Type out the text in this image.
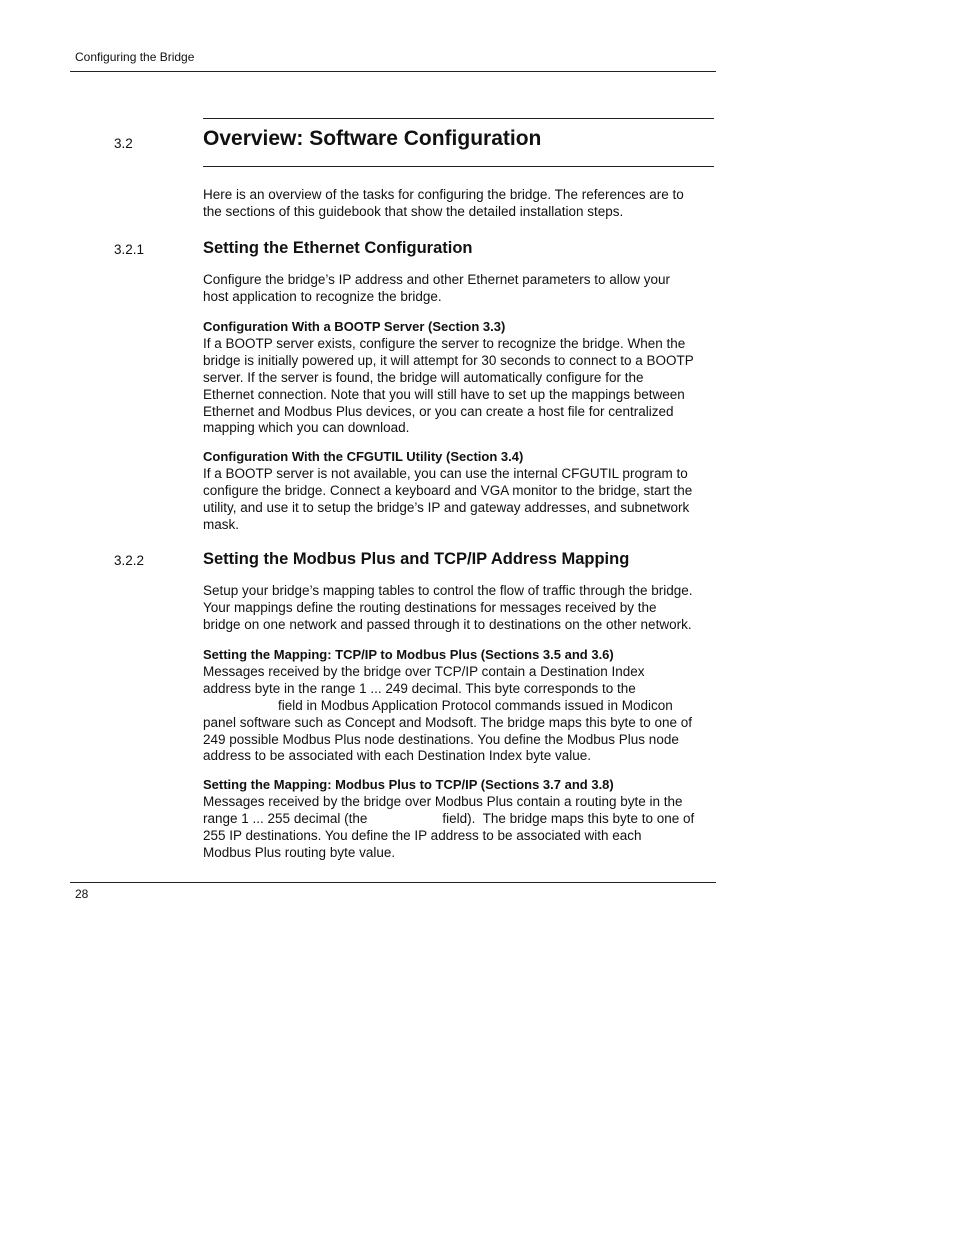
Configuring the Bridge
3.2	Overview: Software Configuration

Here is an overview of the tasks for configuring the bridge. The references are to

the sections of this guidebook that show the detailed installation steps.

3.2.1	Setting the Ethernet Configuration

Configure the bridge’s IP address and other Ethernet parameters to allow your

host application to recognize the bridge.

Configuration With a BOOTP Server (Section 3.3)

If a BOOTP server exists, configure the server to recognize the bridge. When the

bridge is initially powered up, it will attempt for 30 seconds to connect to a BOOTP

server. If the server is found, the bridge will automatically configure for the

Ethernet connection. Note that you will still have to set up the mappings between

Ethernet and Modbus Plus devices, or you can create a host file for centralized

mapping which you can download.

Configuration With the CFGUTIL Utility (Section 3.4)

If a BOOTP server is not available, you can use the internal CFGUTIL program to

configure the bridge. Connect a keyboard and VGA monitor to the bridge, start the

utility, and use it to setup the bridge’s IP and gateway addresses, and subnetwork

mask.

3.2.2	Setting the Modbus Plus and TCP/IP Address Mapping

Setup your bridge’s mapping tables to control the flow of traffic through the bridge.

Your mappings define the routing destinations for messages received by the

bridge on one network and passed through it to destinations on the other network.

Setting the Mapping: TCP/IP to Modbus Plus (Sections 3.5 and 3.6)

Messages received by the bridge over TCP/IP contain a Destination Index

address byte in the range 1 ... 249 decimal. This byte corresponds to the

field in Modbus Application Protocol commands issued in Modicon

panel software such as Concept and Modsoft. The bridge maps this byte to one of

249 possible Modbus Plus node destinations. You define the Modbus Plus node

address to be associated with each Destination Index byte value.

Setting the Mapping: Modbus Plus to TCP/IP (Sections 3.7 and 3.8)

Messages received by the bridge over Modbus Plus contain a routing byte in the

range 1 ... 255 decimal (the                    field).  The bridge maps this byte to one of

255 IP destinations. You define the IP address to be associated with each

Modbus Plus routing byte value.

28
